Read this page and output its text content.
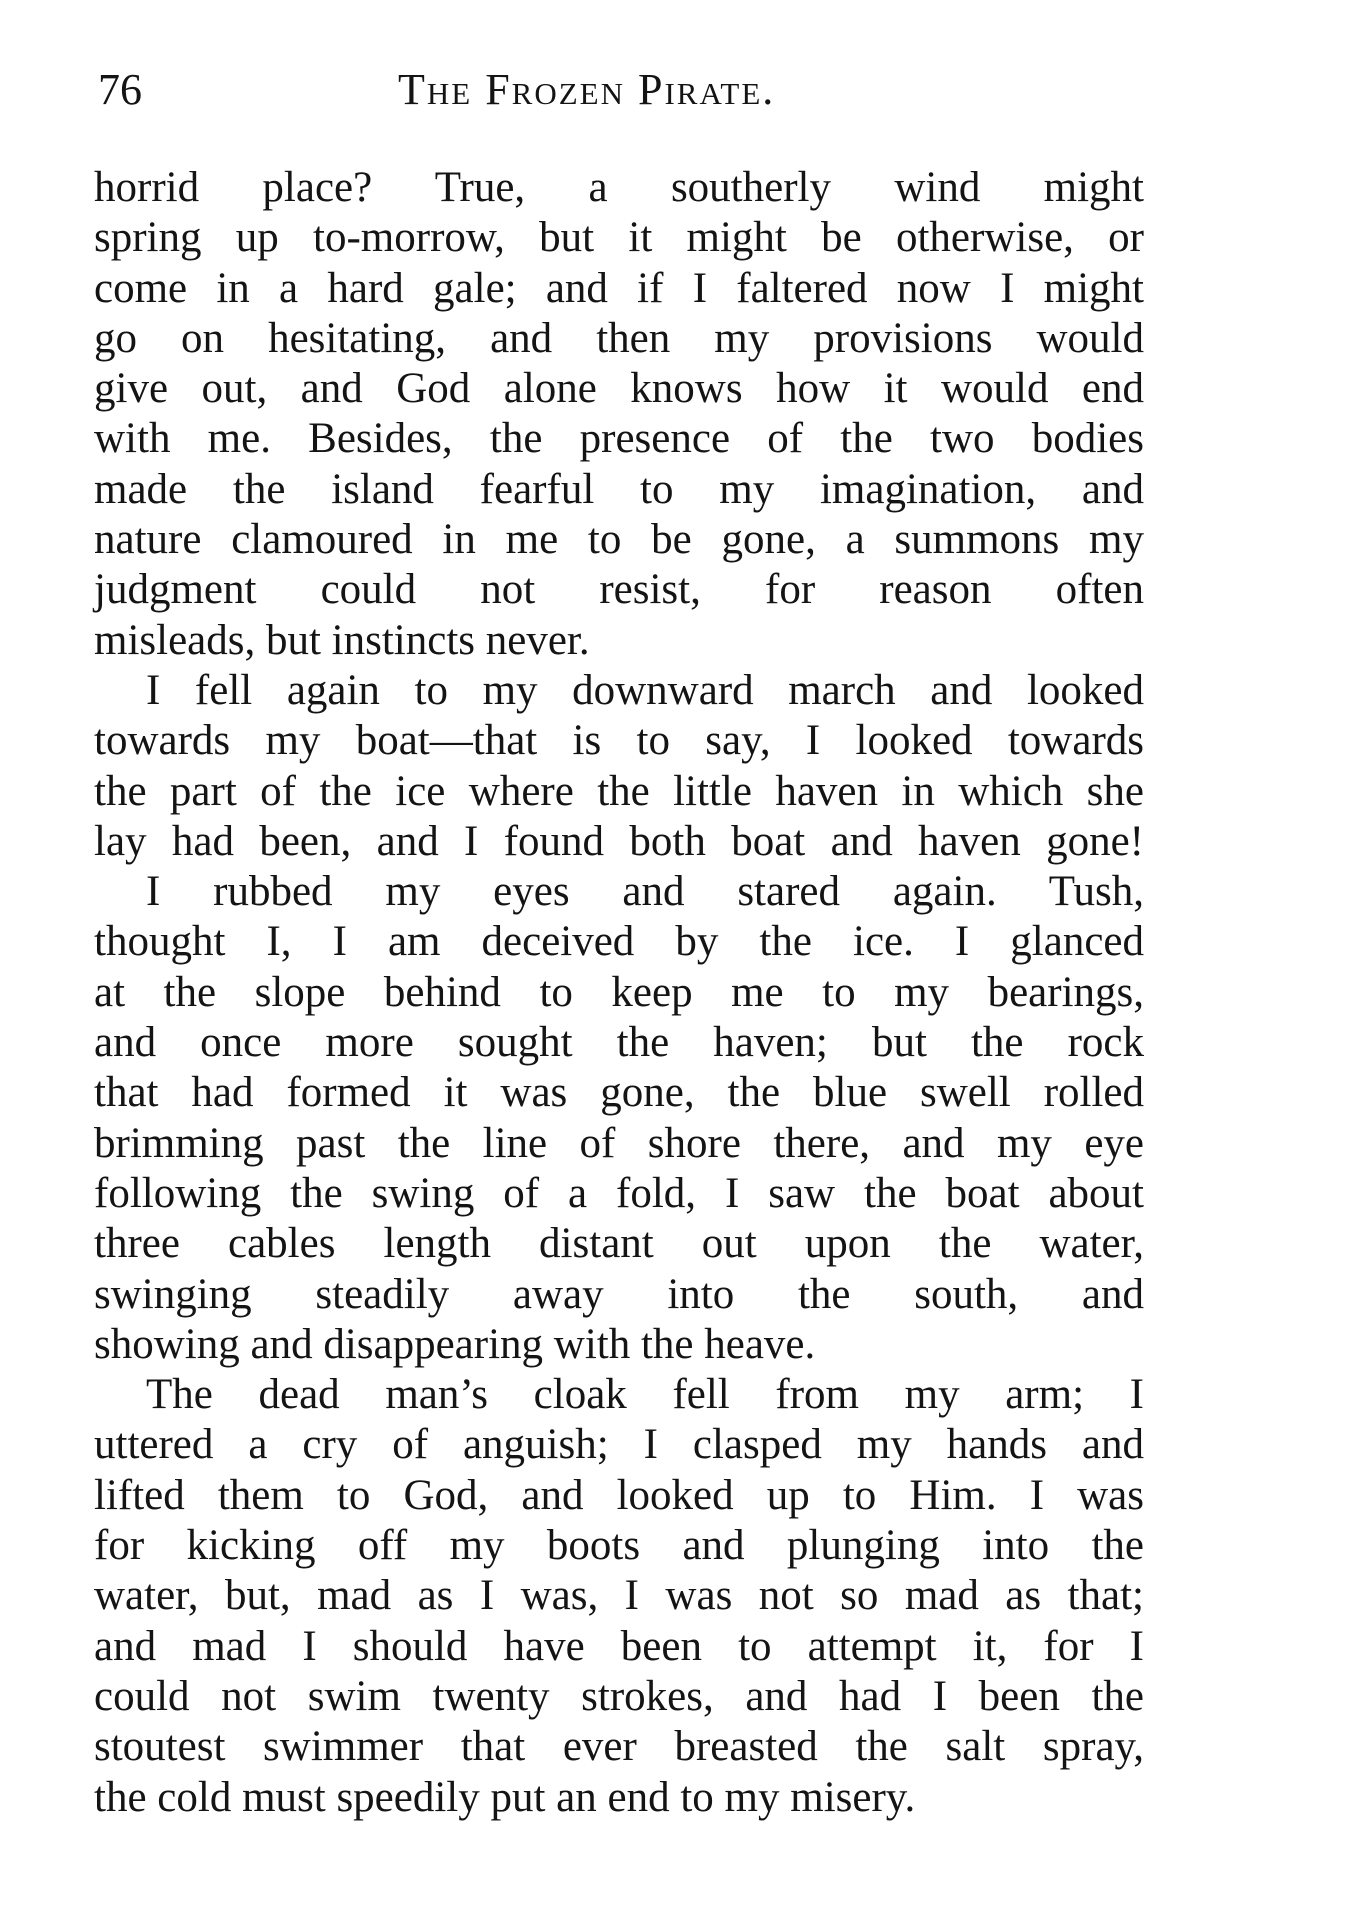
76	The Frozen Pirate.
horrid place? True, a southerly wind might
spring up to-morrow, but it might be otherwise, or
come in a hard gale; and if I faltered now I might
go on hesitating, and then my provisions would
give out, and God alone knows how it would end
with me. Besides, the presence of the two bodies
made the island fearful to my imagination, and
nature clamoured in me to be gone, a summons my
judgment could not resist, for reason often
misleads, but instincts never.
I fell again to my downward march and looked
towards my boat—that is to say, I looked towards
the part of the ice where the little haven in which she
lay had been, and I found both boat and haven gone!
I rubbed my eyes and stared again. Tush,
thought I, I am deceived by the ice. I glanced
at the slope behind to keep me to my bearings,
and once more sought the haven; but the rock
that had formed it was gone, the blue swell rolled
brimming past the line of shore there, and my eye
following the swing of a fold, I saw the boat about
three cables length distant out upon the water,
swinging steadily away into the south, and
showing and disappearing with the heave.
The dead man’s cloak fell from my arm; I
uttered a cry of anguish; I clasped my hands and
lifted them to God, and looked up to Him. I was
for kicking off my boots and plunging into the
water, but, mad as I was, I was not so mad as that;
and mad I should have been to attempt it, for I
could not swim twenty strokes, and had I been the
stoutest swimmer that ever breasted the salt spray,
the cold must speedily put an end to my misery.
